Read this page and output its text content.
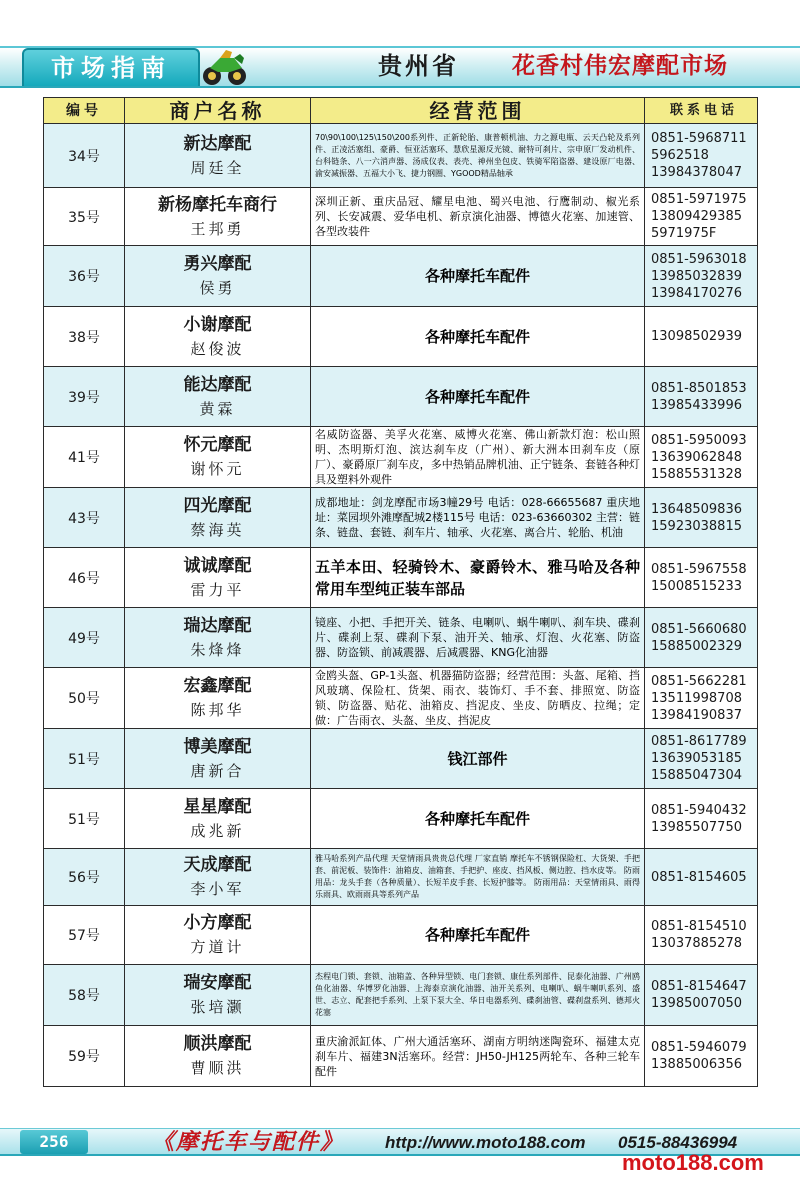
市场指南	贵州省 花香村伟宏摩配市场
编号	商户名称	经营范围	联系电话
34号	新达摩配
周廷全	70\90\100\125\150\200系列件、正新轮胎、康普顿机油、力之源电瓶、云天凸轮及系列件、正凌活塞组、豪爵、恒亚活塞环、慧欣星源反光镜、耐特可刹片、宗申原厂发动机件、台科链条、八一六消声器、汤成仪表、表壳、神州坐包皮、铁骑军陷盗器、建设原厂电器、渝安减振器、五福大小飞、捷力钢圈、YGOOD精品轴承	0851-5968711
5962518
13984378047

35号	新杨摩托车商行
王邦勇	深圳正新、重庆品冠、耀星电池、蜀兴电池、行鹰制动、椒光系列、长安减震、爱华电机、新京演化油器、博德火花塞、加速管、各型改装件	0851-5971975
13809429385
5971975F

36号	勇兴摩配
侯勇	各种摩托车配件	0851-5963018
13985032839
13984170276

38号	小谢摩配
赵俊波	各种摩托车配件	13098502939

39号	能达摩配
黄霖	各种摩托车配件	0851-8501853
13985433996

41号	怀元摩配
谢怀元	名威防盗器、美孚火花塞、威博火花塞、佛山新款灯泡：松山照明、杰明斯灯泡、滨达刹车皮（广州）、新大洲本田刹车皮（原厂）、豪爵原厂刹车皮，多中热销品牌机油、正宁链条、套链各种灯具及塑料外观件	0851-5950093
13639062848
15885531328

43号	四光摩配
蔡海英	成都地址：剑龙摩配市场3幢29号 电话：028-66655687 重庆地址：菜园坝外滩摩配城2楼115号 电话：023-63660302 主营：链条、链盘、套链、刹车片、轴承、火花塞、离合片、轮胎、机油	13648509836
15923038815

46号	诚诚摩配
雷力平	五羊本田、轻骑铃木、豪爵铃木、雅马哈及各种常用车型纯正装车部品	0851-5967558
15008515233

49号	瑞达摩配
朱烽烽	镜座、小把、手把开关、链条、电喇叭、蜗牛喇叭、刹车块、碟刹片、碟刹上泵、碟刹下泵、油开关、轴承、灯泡、火花塞、防盗器、防盗锁、前减震器、后减震器、KNG化油器	0851-5660680
15885002329

50号	宏鑫摩配
陈邦华	金鸥头盔、GP-1头盔、机器猫防盗器；经营范围：头盔、尾箱、挡风玻璃、保险杠、货架、雨衣、装饰灯、手不套、排照宽、防盗锁、防盗器、贴花、油箱皮、挡泥皮、坐皮、防晒皮、拉绳；定做：广告雨衣、头盔、坐皮、挡泥皮	0851-5662281
13511998708
13984190837

51号	博美摩配
唐新合	钱江部件	0851-8617789
13639053185
15885047304

51号	星星摩配
成兆新	各种摩托车配件	0851-5940432
13985507750

56号	天成摩配
李小军	雅马哈系列产品代理 天堂情雨具贵贵总代理 厂家直销 摩托车不锈钢保险杠、大货架、手把套、前泥板、装饰件：油箱皮、油箱套、手把护、座皮、挡风板、侧边腔、挡水皮等。 防雨用品：龙头手套（各种质量）、长短羊皮手套、长短护膝等。 防雨用品：天堂情雨具、雨得乐雨具、欧雨雨具等系列产品	0851-8154605

57号	小方摩配
方道计	各种摩托车配件	0851-8154510
13037885278

58号	瑞安摩配
张培灏	杰程电门锁、套锁、油箱盖、各种异型锁、电门套锁、康仕系列部件、昆泰化油器、广州鸥鱼化油器、华博罗化油器、上海泰京演化油器、油开关系列、电喇叭、蜗牛喇叭系列、盛世、志立、配套把手系列、上泵下泵大全、华日电器系列、碟刹油管、碟刹盘系列、德邦火花塞	0851-8154647
13985007050

59号	顺洪摩配
曹顺洪	重庆渝派缸体、广州大通活塞环、湖南方明纳迷陶瓷环、福建太克刹车片、福建3N活塞环。经营：JH50-JH125两轮车、各种三轮车配件	0851-5946079
13885006356
256	《摩托车与配件》 http://www.moto188.com 0515-88436994
moto188.com
